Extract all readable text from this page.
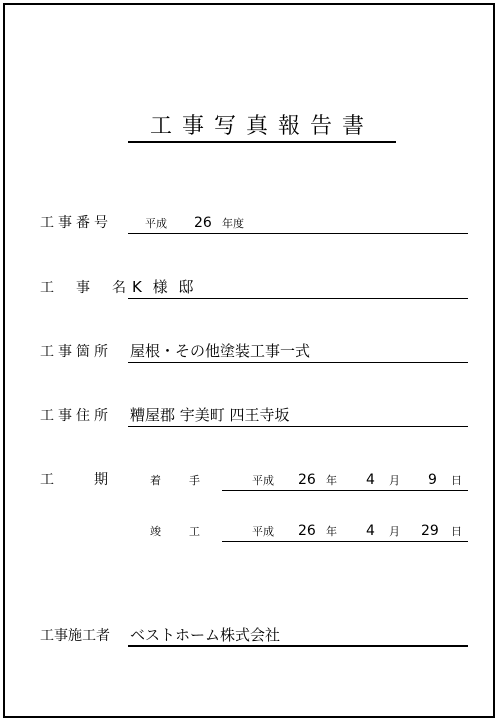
工事写真報告書
工事番号	平成 26 年度
工　事　名 K 様 邸
工事箇所 屋根・その他塗装工事一式
工事住所 糟屋郡 宇美町 四王寺坂
工　　期	着　　手	平成 26 年 4 月 9 日
竣　　工	平成 26 年 4 月 29 日
工事施工者 ベストホーム株式会社
